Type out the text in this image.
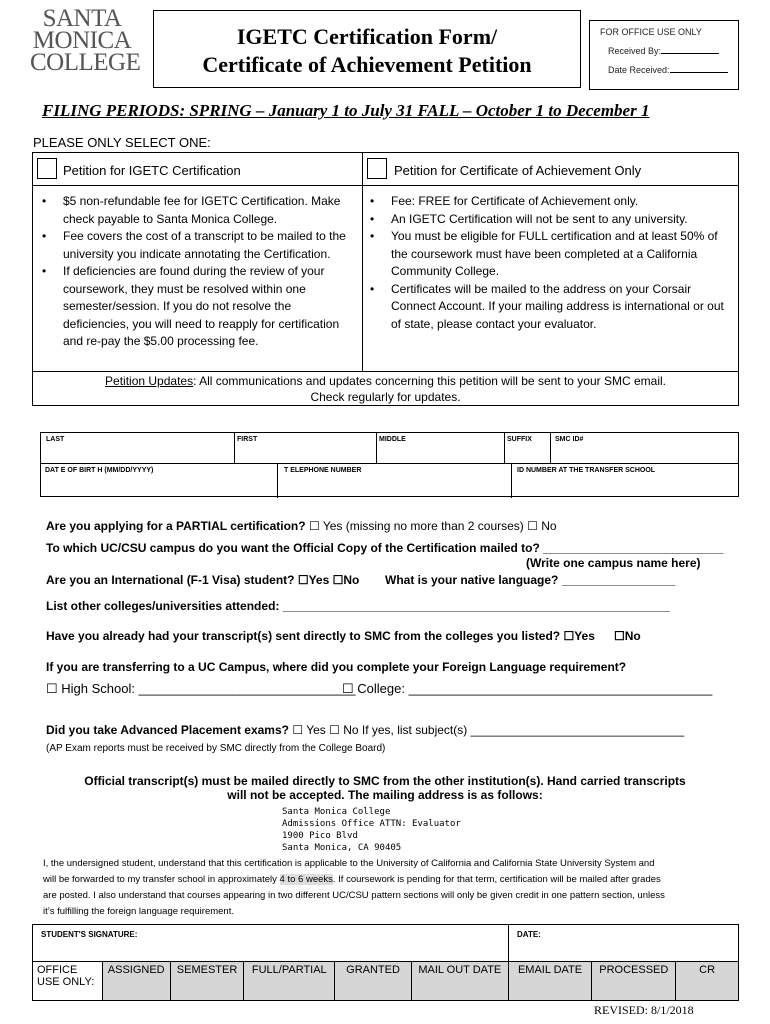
SANTA
MONICA
COLLEGE
IGETC Certification Form/
Certificate of Achievement Petition
FOR OFFICE USE ONLY
Received By:
Date Received:
FILING PERIODS: SPRING – January 1 to July 31 FALL – October 1 to December 1
PLEASE ONLY SELECT ONE:
Petition for IGETC Certification	Petition for Certificate of Achievement Only
• $5 non-refundable fee for IGETC Certification. Make check payable to Santa Monica College.
• Fee covers the cost of a transcript to be mailed to the university you indicate annotating the Certification.
• If deficiencies are found during the review of your coursework, they must be resolved within one semester/session. If you do not resolve the deficiencies, you will need to reapply for certification and re-pay the $5.00 processing fee.
• Fee: FREE for Certificate of Achievement only.
• An IGETC Certification will not be sent to any university.
• You must be eligible for FULL certification and at least 50% of the coursework must have been completed at a California Community College.
• Certificates will be mailed to the address on your Corsair Connect Account. If your mailing address is international or out of state, please contact your evaluator.
Petition Updates: All communications and updates concerning this petition will be sent to your SMC email.
Check regularly for updates.
LAST	FIRST	MIDDLE	SUFFIX	SMC ID#
DAT E OF BIRT H (MM/DD/YYYY)	T ELEPHONE NUMBER	ID NUMBER AT THE TRANSFER SCHOOL
Are you applying for a PARTIAL certification? ☐ Yes (missing no more than 2 courses) ☐ No
To which UC/CSU campus do you want the Official Copy of the Certification mailed to? ___________________________
(Write one campus name here)
Are you an International (F-1 Visa) student? ☐Yes ☐No What is your native language? _________________
List other colleges/universities attended: __________________________________________________________
Have you already had your transcript(s) sent directly to SMC from the colleges you listed? ☐Yes ☐No
If you are transferring to a UC Campus, where did you complete your Foreign Language requirement?
☐ High School: ______________________________
☐ College: __________________________________________
Did you take Advanced Placement exams? ☐ Yes ☐ No If yes, list subject(s) ________________________________
(AP Exam reports must be received by SMC directly from the College Board)
Official transcript(s) must be mailed directly to SMC from the other institution(s). Hand carried transcripts
will not be accepted. The mailing address is as follows:
Santa Monica College
Admissions Office ATTN: Evaluator
1900 Pico Blvd
Santa Monica, CA 90405
I, the undersigned student, understand that this certification is applicable to the University of California and California State University System and
will be forwarded to my transfer school in approximately 4 to 6 weeks. If coursework is pending for that term, certification will be mailed after grades
are posted. I also understand that courses appearing in two different UC/CSU pattern sections will only be given credit in one pattern section, unless
it’s fulfilling the foreign language requirement.
STUDENT'S SIGNATURE:	DATE:
OFFICE USE ONLY:
ASSIGNED	SEMESTER	FULL/PARTIAL	GRANTED	MAIL OUT DATE	EMAIL DATE	PROCESSED	CR
REVISED: 8/1/2018
